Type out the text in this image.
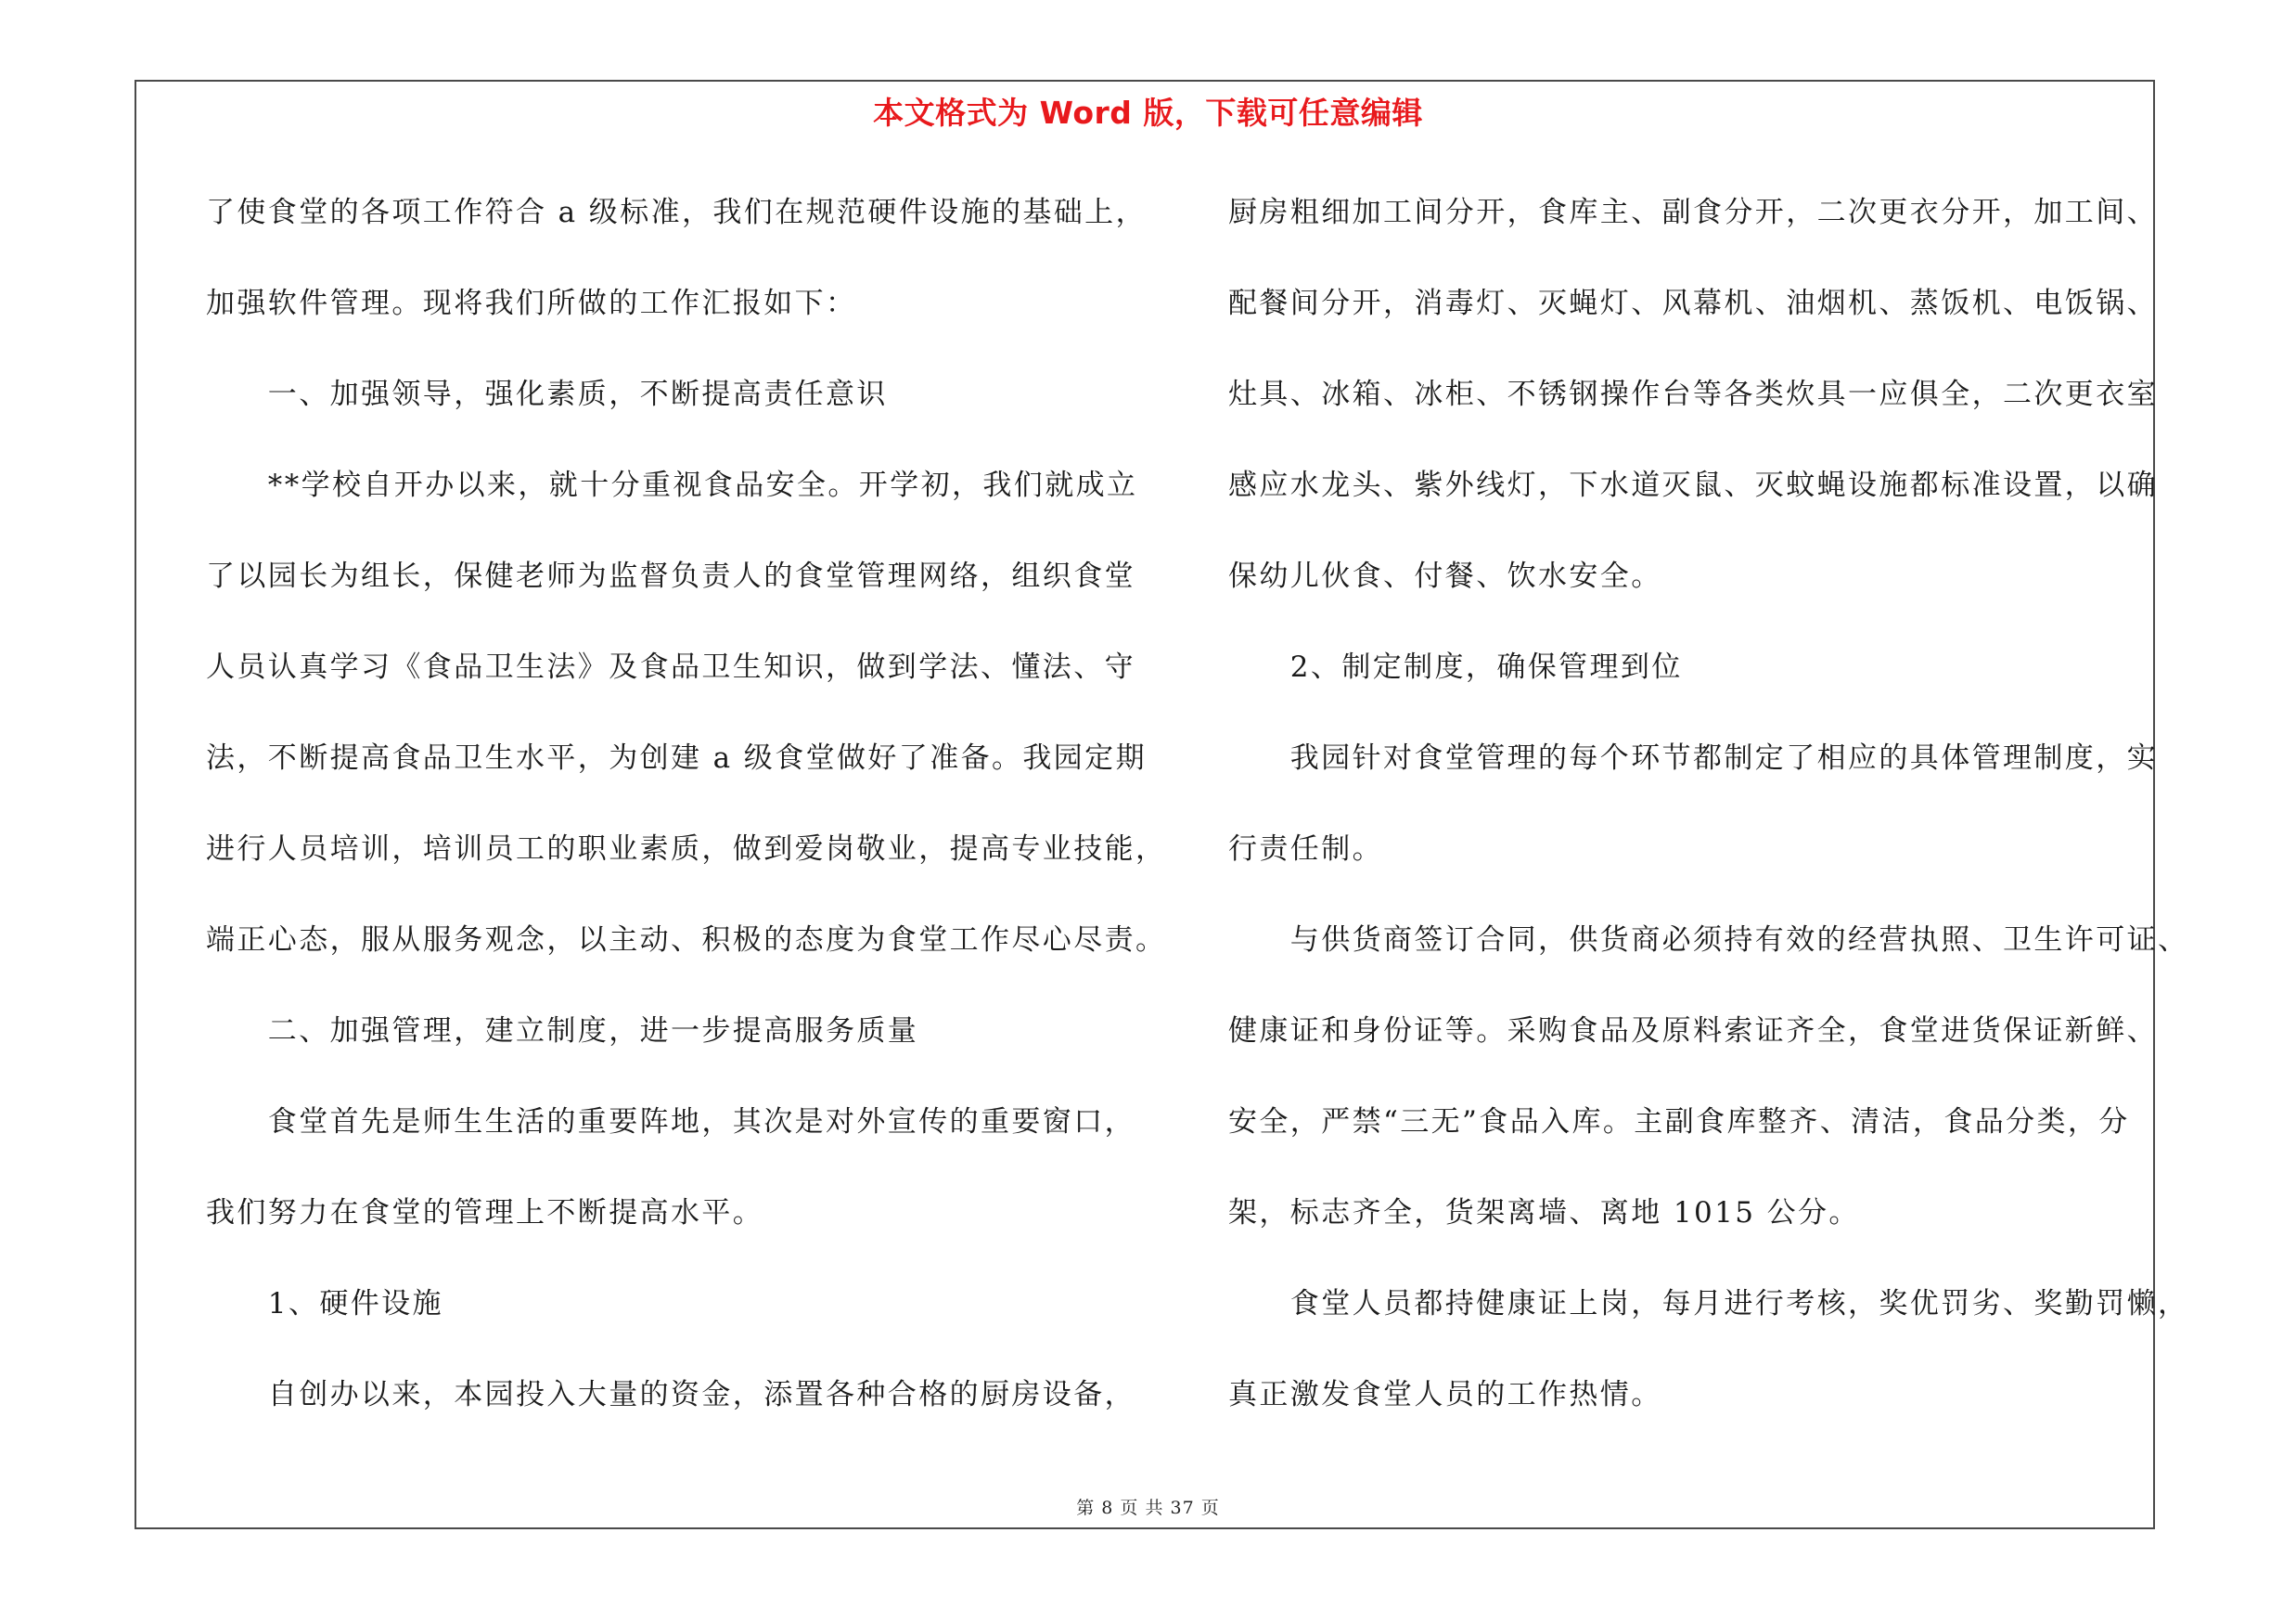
本文格式为 Word 版，下载可任意编辑
了使食堂的各项工作符合 a 级标准，我们在规范硬件设施的基础上，
加强软件管理。现将我们所做的工作汇报如下：
　　一、加强领导，强化素质，不断提高责任意识
　　**学校自开办以来，就十分重视食品安全。开学初，我们就成立
了以园长为组长，保健老师为监督负责人的食堂管理网络，组织食堂
人员认真学习《食品卫生法》及食品卫生知识，做到学法、懂法、守
法，不断提高食品卫生水平，为创建 a 级食堂做好了准备。我园定期
进行人员培训，培训员工的职业素质，做到爱岗敬业，提高专业技能，
端正心态，服从服务观念，以主动、积极的态度为食堂工作尽心尽责。
　　二、加强管理，建立制度，进一步提高服务质量
　　食堂首先是师生生活的重要阵地，其次是对外宣传的重要窗口，
我们努力在食堂的管理上不断提高水平。
　　1、硬件设施
　　自创办以来，本园投入大量的资金，添置各种合格的厨房设备，
厨房粗细加工间分开，食库主、副食分开，二次更衣分开，加工间、
配餐间分开，消毒灯、灭蝇灯、风幕机、油烟机、蒸饭机、电饭锅、
灶具、冰箱、冰柜、不锈钢操作台等各类炊具一应俱全，二次更衣室
感应水龙头、紫外线灯，下水道灭鼠、灭蚊蝇设施都标准设置，以确
保幼儿伙食、付餐、饮水安全。
　　2、制定制度，确保管理到位
　　我园针对食堂管理的每个环节都制定了相应的具体管理制度，实
行责任制。
　　与供货商签订合同，供货商必须持有效的经营执照、卫生许可证、
健康证和身份证等。采购食品及原料索证齐全，食堂进货保证新鲜、
安全，严禁“三无”食品入库。主副食库整齐、清洁，食品分类，分
架，标志齐全，货架离墙、离地 1015 公分。
　　食堂人员都持健康证上岗，每月进行考核，奖优罚劣、奖勤罚懒，
真正激发食堂人员的工作热情。
第 8 页 共 37 页
